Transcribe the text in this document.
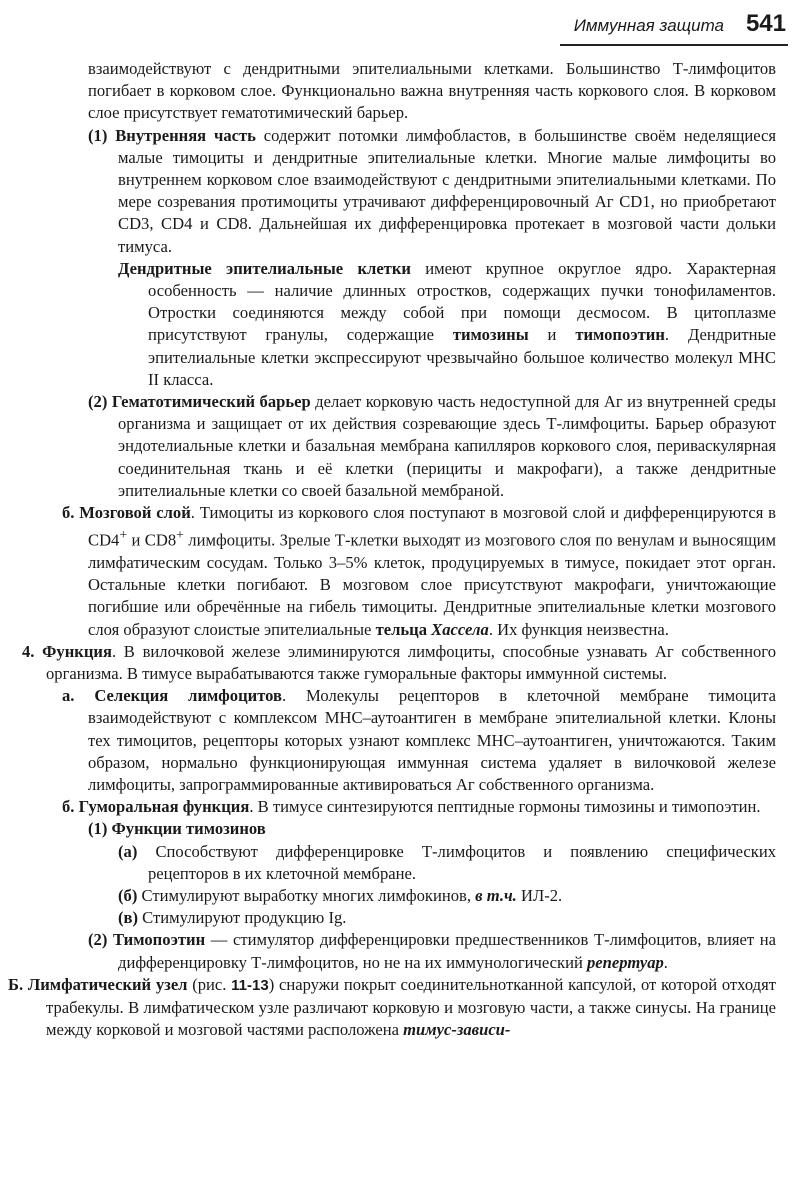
Иммунная защита 541

взаимодействуют с дендритными эпителиальными клетками. Большинство Т-лимфоцитов погибает в корковом слое. Функционально важна внутренняя часть коркового слоя. В корковом слое присутствует гематотимический барьер.

(1) Внутренняя часть содержит потомки лимфобластов, в большинстве своём неделящиеся малые тимоциты и дендритные эпителиальные клетки. Многие малые лимфоциты во внутреннем корковом слое взаимодействуют с дендритными эпителиальными клетками. По мере созревания протимоциты утрачивают дифференцировочный Аг CD1, но приобретают CD3, CD4 и CD8. Дальнейшая их дифференцировка протекает в мозговой части дольки тимуса.

Дендритные эпителиальные клетки имеют крупное округлое ядро. Характерная особенность — наличие длинных отростков, содержащих пучки тонофиламентов. Отростки соединяются между собой при помощи десмосом. В цитоплазме присутствуют гранулы, содержащие тимозины и тимопоэтин. Дендритные эпителиальные клетки экспрессируют чрезвычайно большое количество молекул MHC II класса.

(2) Гематотимический барьер делает корковую часть недоступной для Аг из внутренней среды организма и защищает от их действия созревающие здесь Т-лимфоциты. Барьер образуют эндотелиальные клетки и базальная мембрана капилляров коркового слоя, периваскулярная соединительная ткань и её клетки (перициты и макрофаги), а также дендритные эпителиальные клетки со своей базальной мембраной.

б. Мозговой слой. Тимоциты из коркового слоя поступают в мозговой слой и дифференцируются в CD4+ и CD8+ лимфоциты. Зрелые Т-клетки выходят из мозгового слоя по венулам и выносящим лимфатическим сосудам. Только 3–5% клеток, продуцируемых в тимусе, покидает этот орган. Остальные клетки погибают. В мозговом слое присутствуют макрофаги, уничтожающие погибшие или обречённые на гибель тимоциты. Дендритные эпителиальные клетки мозгового слоя образуют слоистые эпителиальные тельца Хассела. Их функция неизвестна.

4. Функция. В вилочковой железе элиминируются лимфоциты, способные узнавать Аг собственного организма. В тимусе вырабатываются также гуморальные факторы иммунной системы.

а. Селекция лимфоцитов. Молекулы рецепторов в клеточной мембране тимоцита взаимодействуют с комплексом MHC–аутоантиген в мембране эпителиальной клетки. Клоны тех тимоцитов, рецепторы которых узнают комплекс MHC–аутоантиген, уничтожаются. Таким образом, нормально функционирующая иммунная система удаляет в вилочковой железе лимфоциты, запрограммированные активироваться Аг собственного организма.

б. Гуморальная функция. В тимусе синтезируются пептидные гормоны тимозины и тимопоэтин.

(1) Функции тимозинов

(а) Способствуют дифференцировке Т-лимфоцитов и появлению специфических рецепторов в их клеточной мембране.

(б) Стимулируют выработку многих лимфокинов, в т.ч. ИЛ-2.

(в) Стимулируют продукцию Ig.

(2) Тимопоэтин — стимулятор дифференцировки предшественников Т-лимфоцитов, влияет на дифференцировку Т-лимфоцитов, но не на их иммунологический репертуар.

Б. Лимфатический узел (рис. 11-13) снаружи покрыт соединительнотканной капсулой, от которой отходят трабекулы. В лимфатическом узле различают корковую и мозговую части, а также синусы. На границе между корковой и мозговой частями расположена тимус-зависи-
